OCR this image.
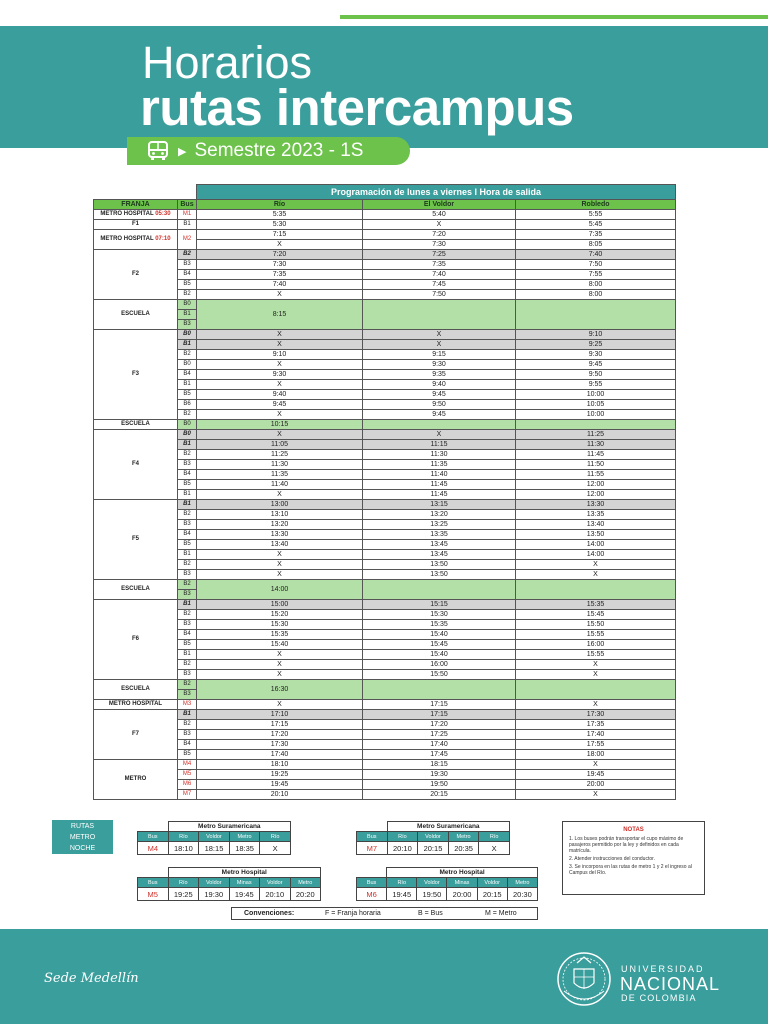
Horarios
rutas intercampus
▶ Semestre 2023 - 1S
		Programación de lunes a viernes I Hora de salida		
FRANJA	Bus	Río	El Voldor	Robledo
METRO HOSPITAL 05:30	M1	5:35	5:40	5:55
F1	B1	5:30	X	5:45
METRO HOSPITAL 07:10	M2	7:15	7:20	7:35
		X	7:30	8:05
F2	B2	7:20	7:25	7:40
	B3	7:30	7:35	7:50
	B4	7:35	7:40	7:55
	B5	7:40	7:45	8:00
	B2	X	7:50	8:00
ESCUELA	B0	8:15		
	B1			
	B3			
F3	B0	X	X	9:10
	B1	X	X	9:25
	B2	9:10	9:15	9:30
	B0	X	9:30	9:45
	B4	9:30	9:35	9:50
	B1	X	9:40	9:55
	B5	9:40	9:45	10:00
	B6	9:45	9:50	10:05
	B2	X	9:45	10:00
ESCUELA	B0	10:15		
F4	B0	X	X	11:25
	B1	11:05	11:15	11:30
	B2	11:25	11:30	11:45
	B3	11:30	11:35	11:50
	B4	11:35	11:40	11:55
	B5	11:40	11:45	12:00
	B1	X	11:45	12:00
F5	B1	13:00	13:15	13:30
	B2	13:10	13:20	13:35
	B3	13:20	13:25	13:40
	B4	13:30	13:35	13:50
	B5	13:40	13:45	14:00
	B1	X	13:45	14:00
	B2	X	13:50	X
	B3	X	13:50	X
ESCUELA	B2	14:00		
	B3			
F6	B1	15:00	15:15	15:35
	B2	15:20	15:30	15:45
	B3	15:30	15:35	15:50
	B4	15:35	15:40	15:55
	B5	15:40	15:45	16:00
	B1	X	15:40	15:55
	B2	X	16:00	X
	B3	X	15:50	X
ESCUELA	B2	16:30		
	B3			
METRO HOSPITAL	M3	X	17:15	X
F7	B1	17:10	17:15	17:30
	B2	17:15	17:20	17:35
	B3	17:20	17:25	17:40
	B4	17:30	17:40	17:55
	B5	17:40	17:45	18:00
METRO	M4	18:10	18:15	X
	M5	19:25	19:30	19:45
	M6	19:45	19:50	20:00
	M7	20:10	20:15	X
RUTAS
METRO
NOCHE
	Metro Suramericana			
Bus	Río	Voldor	Metro	Río
M4	18:10	18:15	18:35	X
	Metro Suramericana			
Bus	Río	Voldor	Metro	Río
M7	20:10	20:15	20:35	X
	Metro Hospital				
Bus	Río	Voldor	Minas	Voldor	Metro
M5	19:25	19:30	19:45	20:10	20:20
	Metro Hospital				
Bus	Río	Voldor	Minas	Voldor	Metro
M6	19:45	19:50	20:00	20:15	20:30
NOTAS
1. Los buses podrán transportar el cupo máximo de pasajeros permitido por la ley y definidos en cada matrícula.
2. Atender instrucciones del conductor.
3. Se incorpora en las rutas de metro 1 y 2 el ingreso al Campus del Río.
Convenciones:	F = Franja horaria	B = Bus	M = Metro
Sede Medellín
UNIVERSIDAD
NACIONAL
DE COLOMBIA
